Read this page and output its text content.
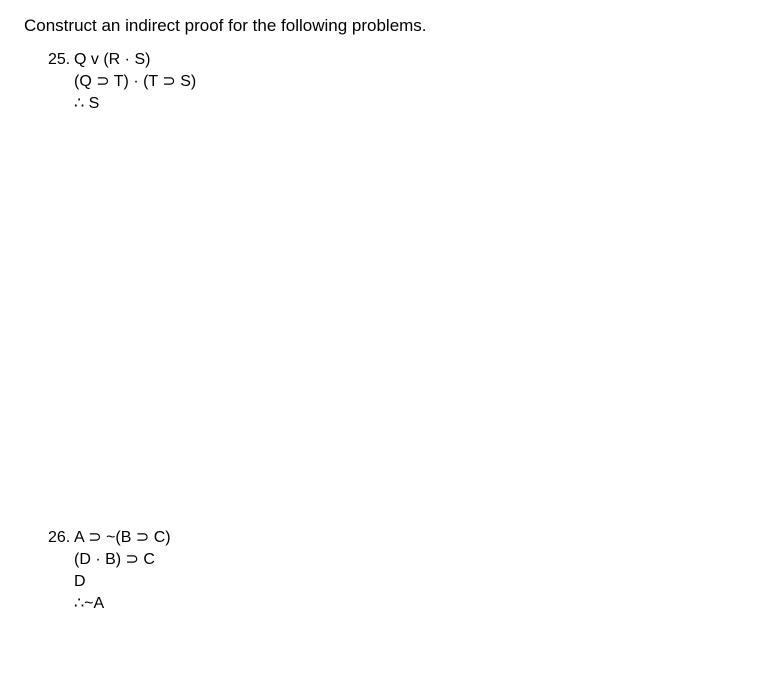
Construct an indirect proof for the following problems.
25. Q v (R · S)
(Q ⊃ T) · (T ⊃ S)
∴ S
26. A ⊃ ~(B ⊃ C)
(D · B) ⊃ C
D
∴~A
